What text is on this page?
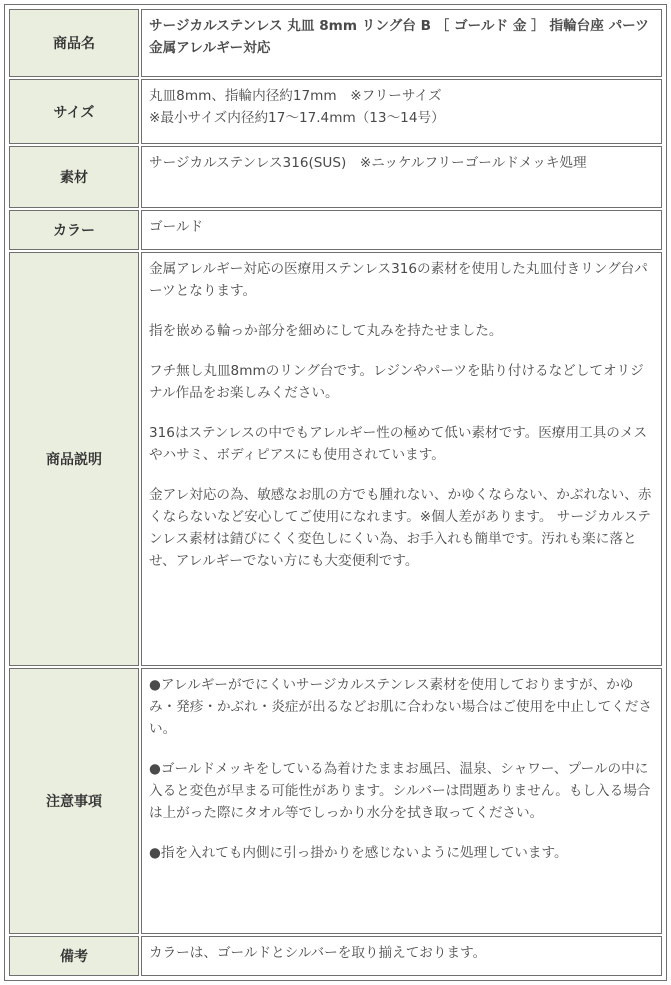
商品名	サージカルステンレス 丸皿 8mm リング台 B ［ ゴールド 金 ］ 指輪台座 パーツ 金属アレルギー対応
サイズ	丸皿8mm、指輪内径約17mm　※フリーサイズ
※最小サイズ内径約17～17.4mm（13～14号）

素材	サージカルステンレス316(SUS)　※ニッケルフリーゴールドメッキ処理
カラー	ゴールド
商品説明	金属アレルギー対応の医療用ステンレス316の素材を使用した丸皿付きリング台パーツとなります。

指を嵌める輪っか部分を細めにして丸みを持たせました。

フチ無し丸皿8mmのリング台です。レジンやパーツを貼り付けるなどしてオリジナル作品をお楽しみください。

316はステンレスの中でもアレルギー性の極めて低い素材です。医療用工具のメスやハサミ、ボディピアスにも使用されています。

金アレ対応の為、敏感なお肌の方でも腫れない、かゆくならない、かぶれない、赤くならないなど安心してご使用になれます。※個人差があります。 サージカルステンレス素材は錆びにくく変色しにくい為、お手入れも簡単です。汚れも楽に落とせ、アレルギーでない方にも大変便利です。

注意事項	●アレルギーがでにくいサージカルステンレス素材を使用しておりますが、かゆみ・発疹・かぶれ・炎症が出るなどお肌に合わない場合はご使用を中止してください。

●ゴールドメッキをしている為着けたままお風呂、温泉、シャワー、プールの中に入ると変色が早まる可能性があります。シルバーは問題ありません。もし入る場合は上がった際にタオル等でしっかり水分を拭き取ってください。

●指を入れても内側に引っ掛かりを感じないように処理しています。

備考	カラーは、ゴールドとシルバーを取り揃えております。
